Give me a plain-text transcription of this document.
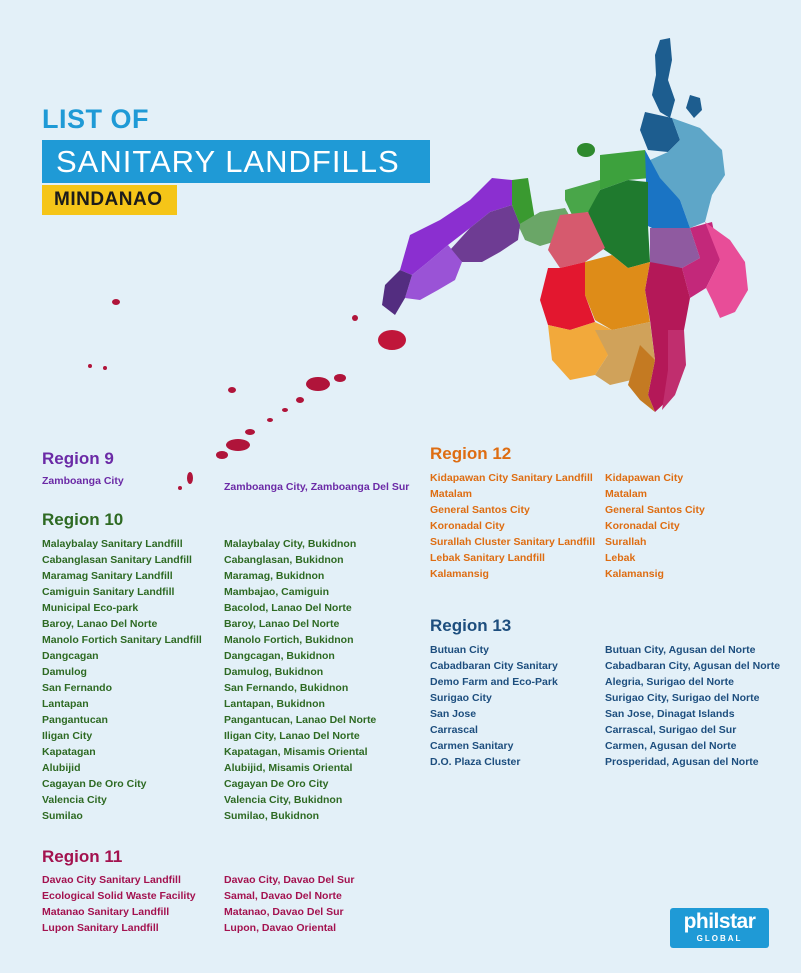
LIST OF
SANITARY LANDFILLS
MINDANAO
Region 9
Zamboanga City	Zamboanga City, Zamboanga Del Sur
Region 10
Malaybalay Sanitary Landfill
Cabanglasan Sanitary Landfill
Maramag Sanitary Landfill
Camiguin Sanitary Landfill
Municipal Eco-park
Baroy, Lanao Del Norte
Manolo Fortich Sanitary Landfill
Dangcagan
Damulog
San Fernando
Lantapan
Pangantucan
Iligan City
Kapatagan
Alubijid
Cagayan De Oro City
Valencia City
Sumilao
Malaybalay City, Bukidnon
Cabanglasan, Bukidnon
Maramag, Bukidnon
Mambajao, Camiguin
Bacolod, Lanao Del Norte
Baroy, Lanao Del Norte
Manolo Fortich, Bukidnon
Dangcagan, Bukidnon
Damulog, Bukidnon
San Fernando, Bukidnon
Lantapan, Bukidnon
Pangantucan, Lanao Del Norte
Iligan City, Lanao Del Norte
Kapatagan, Misamis Oriental
Alubijid, Misamis Oriental
Cagayan De Oro City
Valencia City, Bukidnon
Sumilao, Bukidnon
Region 11
Davao City Sanitary Landfill
Ecological Solid Waste Facility
Matanao Sanitary Landfill
Lupon Sanitary Landfill
Davao City, Davao Del Sur
Samal, Davao Del Norte
Matanao, Davao Del Sur
Lupon, Davao Oriental
Region 12
Kidapawan City Sanitary Landfill
Matalam
General Santos City
Koronadal City
Surallah Cluster Sanitary Landfill
Lebak Sanitary Landfill
Kalamansig
Kidapawan City
Matalam
General Santos City
Koronadal City
Surallah
Lebak
Kalamansig
Region 13
Butuan City
Cabadbaran City Sanitary
Demo Farm and Eco-Park
Surigao City
San Jose
Carrascal
Carmen Sanitary
D.O. Plaza Cluster
Butuan City, Agusan del Norte
Cabadbaran City, Agusan del Norte
Alegria, Surigao del Norte
Surigao City, Surigao del Norte
San Jose, Dinagat Islands
Carrascal, Surigao del Sur
Carmen, Agusan del Norte
Prosperidad, Agusan del Norte
philstar
GLOBAL
